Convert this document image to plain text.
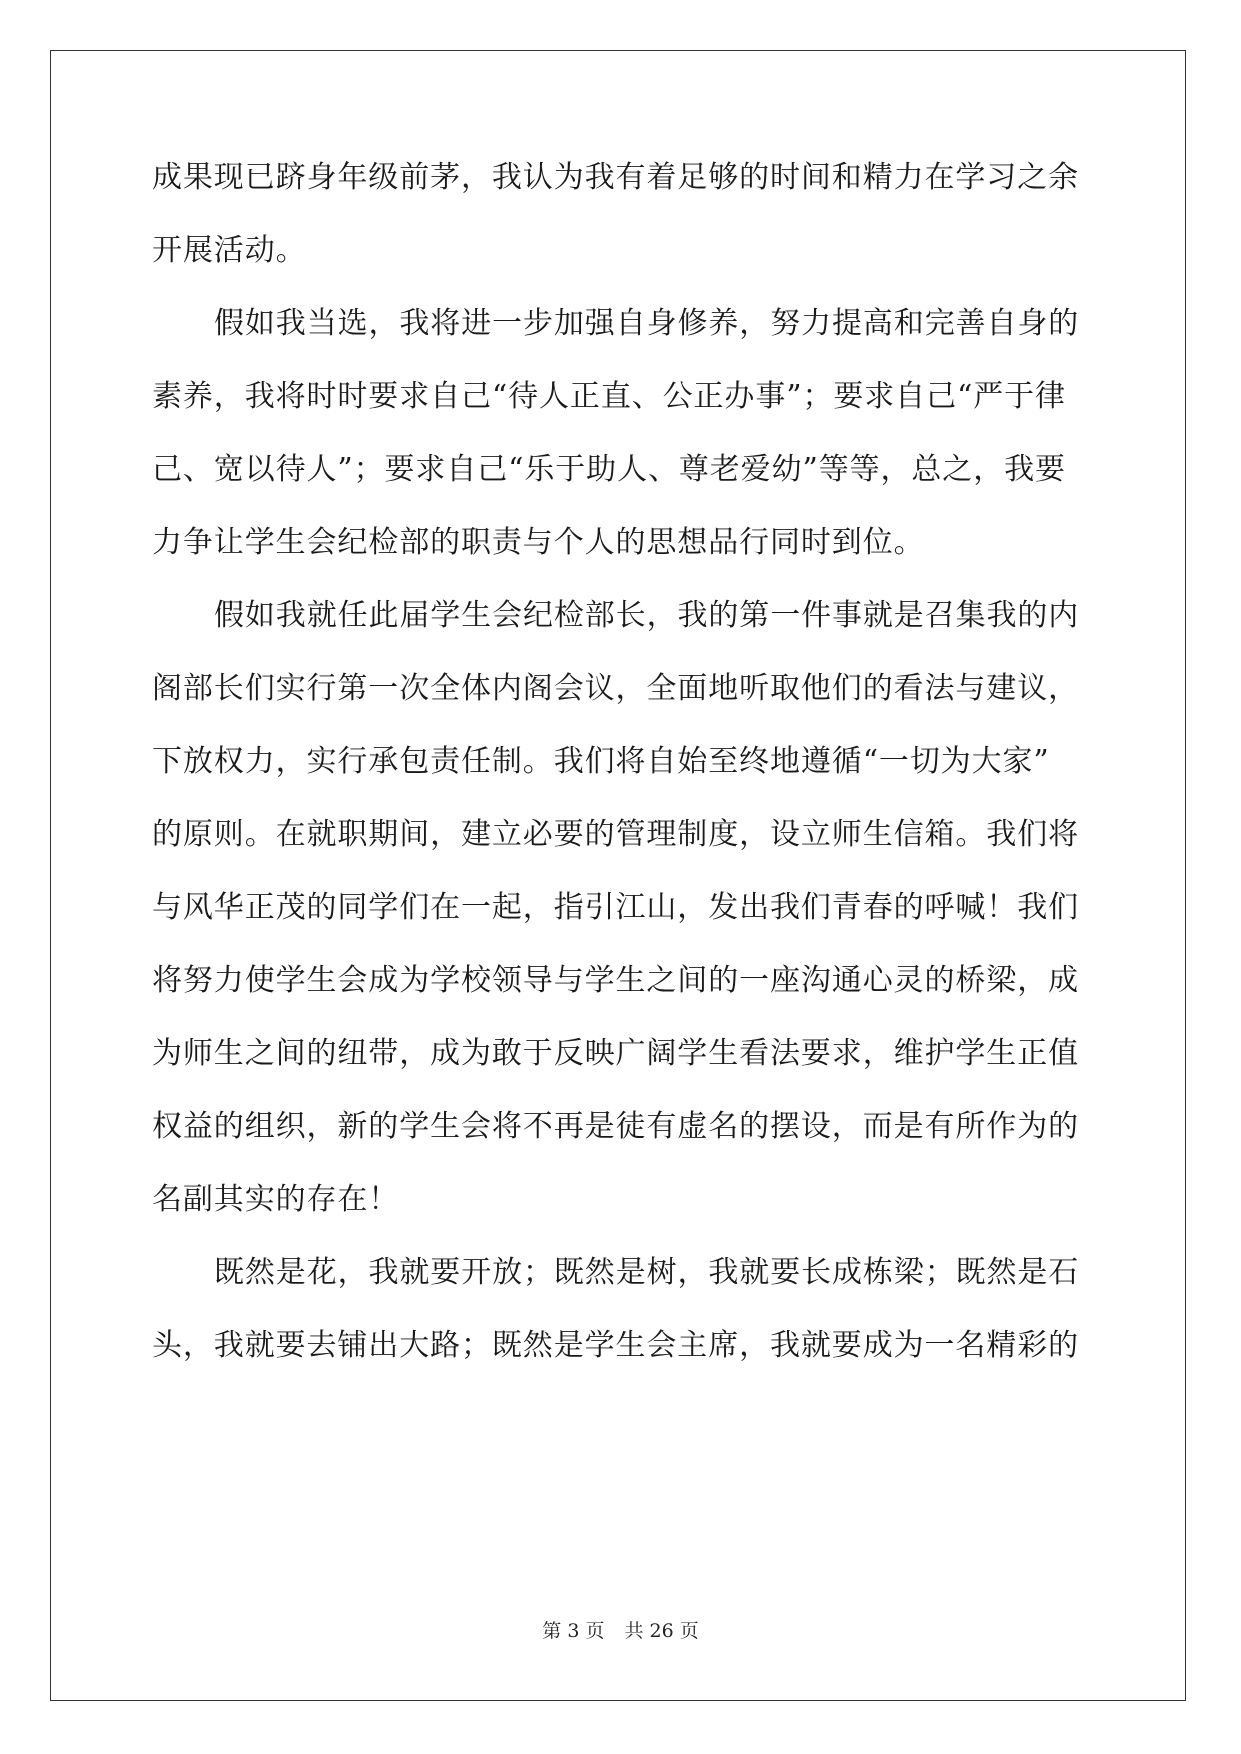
成果现已跻身年级前茅，我认为我有着足够的时间和精力在学习之余
开展活动。
假如我当选，我将进一步加强自身修养，努力提高和完善自身的
素养，我将时时要求自己“待人正直、公正办事”；要求自己“严于律
己、宽以待人”；要求自己“乐于助人、尊老爱幼”等等，总之，我要
力争让学生会纪检部的职责与个人的思想品行同时到位。
假如我就任此届学生会纪检部长，我的第一件事就是召集我的内
阁部长们实行第一次全体内阁会议，全面地听取他们的看法与建议，
下放权力，实行承包责任制。我们将自始至终地遵循“一切为大家”
的原则。在就职期间，建立必要的管理制度，设立师生信箱。我们将
与风华正茂的同学们在一起，指引江山，发出我们青春的呼喊！我们
将努力使学生会成为学校领导与学生之间的一座沟通心灵的桥梁，成
为师生之间的纽带，成为敢于反映广阔学生看法要求，维护学生正值
权益的组织，新的学生会将不再是徒有虚名的摆设，而是有所作为的
名副其实的存在！
既然是花，我就要开放；既然是树，我就要长成栋梁；既然是石
头，我就要去铺出大路；既然是学生会主席，我就要成为一名精彩的
第 3 页 共 26 页
